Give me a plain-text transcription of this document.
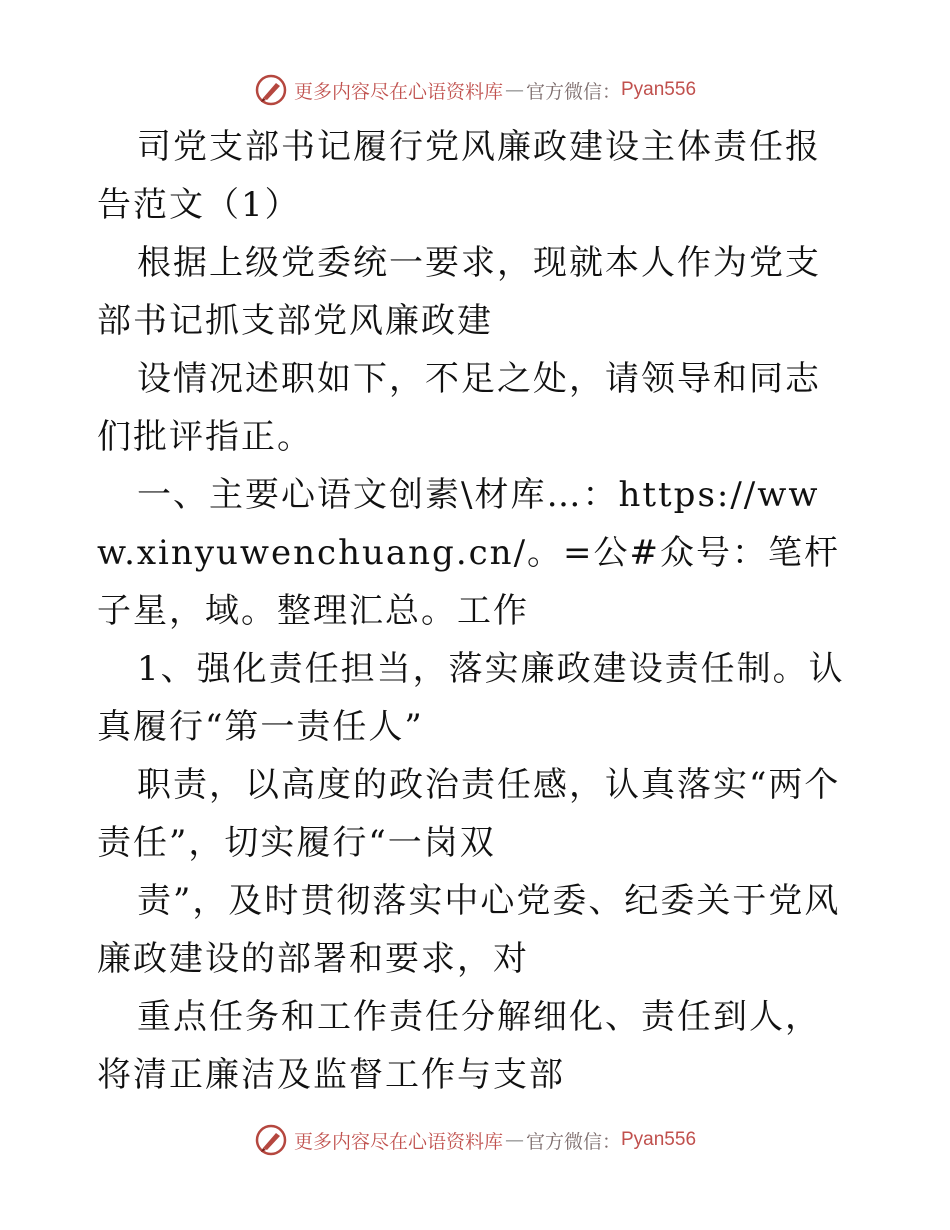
更多内容尽在心语资料库 — 官方微信： Pyan556

司党支部书记履行党风廉政建设主体责任报告范文（1）

根据上级党委统一要求，现就本人作为党支部书记抓支部党风廉政建

设情况述职如下，不足之处，请领导和同志们批评指正。

一、主要心语文创素\材库…：https://www.xinyuwenchuang.cn/。=公#众号：笔杆子星，域。整理汇总。工作

1、强化责任担当，落实廉政建设责任制。认真履行“第一责任人”

职责，以高度的政治责任感，认真落实“两个责任”，切实履行“一岗双

责”，及时贯彻落实中心党委、纪委关于党风廉政建设的部署和要求，对

重点任务和工作责任分解细化、责任到人，将清正廉洁及监督工作与支部

更多内容尽在心语资料库 — 官方微信： Pyan556
